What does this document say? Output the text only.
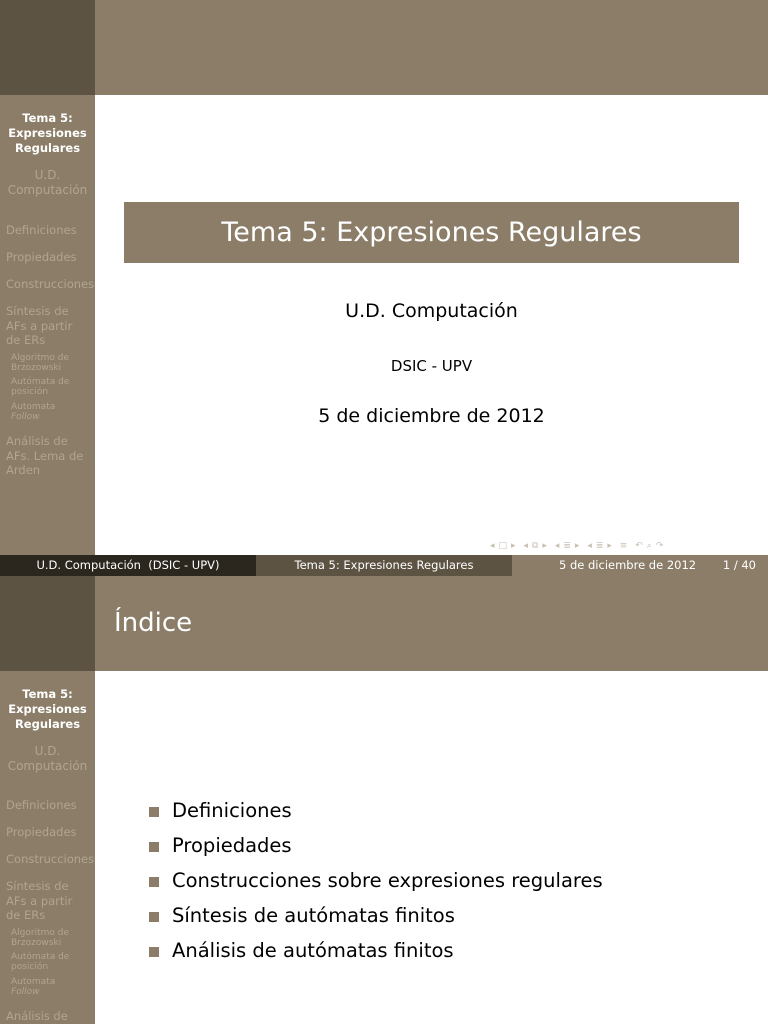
Tema 5:
Expresiones
Regulares
U.D.
Computación
Definiciones
Propiedades
Construcciones
Síntesis de
AFs a partir
de ERs
Algoritmo de
Brzozowski
Autómata de
posición
Automata
Follow
Análisis de
AFs. Lema de
Arden
Tema 5: Expresiones Regulares
U.D. Computación
DSIC - UPV
5 de diciembre de 2012
◂ □ ▸ ◂ ⧉ ▸ ◂ ≣ ▸ ◂ ≣ ▸ ≡ ↶ ⌕ ↷
U.D. Computación  (DSIC - UPV)	Tema 5: Expresiones Regulares	5 de diciembre de 2012 1 / 40
Índice
Tema 5:
Expresiones
Regulares
U.D.
Computación
Definiciones
Propiedades
Construcciones
Síntesis de
AFs a partir
de ERs
Algoritmo de
Brzozowski
Autómata de
posición
Automata
Follow
Análisis de
Definiciones
Propiedades
Construcciones sobre expresiones regulares
Síntesis de autómatas finitos
Análisis de autómatas finitos
